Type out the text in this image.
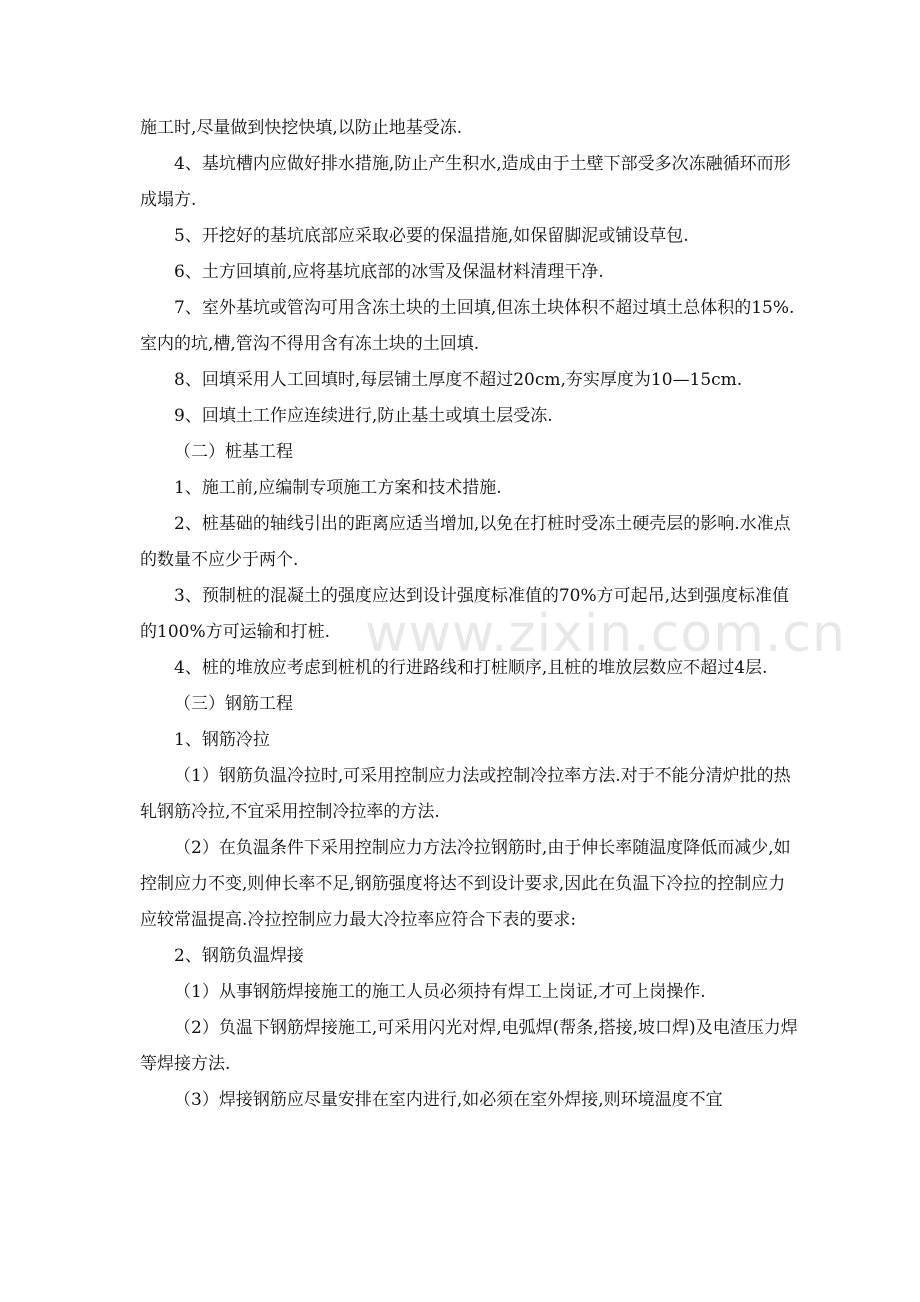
施工时,尽量做到快挖快填,以防止地基受冻.

4、基坑槽内应做好排水措施,防止产生积水,造成由于土壁下部受多次冻融循环而形成塌方.

5、开挖好的基坑底部应采取必要的保温措施,如保留脚泥或铺设草包.

6、土方回填前,应将基坑底部的冰雪及保温材料清理干净.

7、室外基坑或管沟可用含冻土块的土回填,但冻土块体积不超过填土总体积的15%.室内的坑,槽,管沟不得用含有冻土块的土回填.

8、回填采用人工回填时,每层铺土厚度不超过20cm,夯实厚度为10—15cm.

9、回填土工作应连续进行,防止基土或填土层受冻.

（二）桩基工程

1、施工前,应编制专项施工方案和技术措施.

2、桩基础的轴线引出的距离应适当增加,以免在打桩时受冻土硬壳层的影响.水准点的数量不应少于两个.

3、预制桩的混凝土的强度应达到设计强度标准值的70%方可起吊,达到强度标准值的100%方可运输和打桩.

4、桩的堆放应考虑到桩机的行进路线和打桩顺序,且桩的堆放层数应不超过4层.

（三）钢筋工程

1、钢筋冷拉

（1）钢筋负温冷拉时,可采用控制应力法或控制冷拉率方法.对于不能分清炉批的热轧钢筋冷拉,不宜采用控制冷拉率的方法.

（2）在负温条件下采用控制应力方法冷拉钢筋时,由于伸长率随温度降低而减少,如控制应力不变,则伸长率不足,钢筋强度将达不到设计要求,因此在负温下冷拉的控制应力应较常温提高.冷拉控制应力最大冷拉率应符合下表的要求:

2、钢筋负温焊接

（1）从事钢筋焊接施工的施工人员必须持有焊工上岗证,才可上岗操作.

（2）负温下钢筋焊接施工,可采用闪光对焊,电弧焊(帮条,搭接,坡口焊)及电渣压力焊等焊接方法.

（3）焊接钢筋应尽量安排在室内进行,如必须在室外焊接,则环境温度不宜

www.zixin.com.cn
